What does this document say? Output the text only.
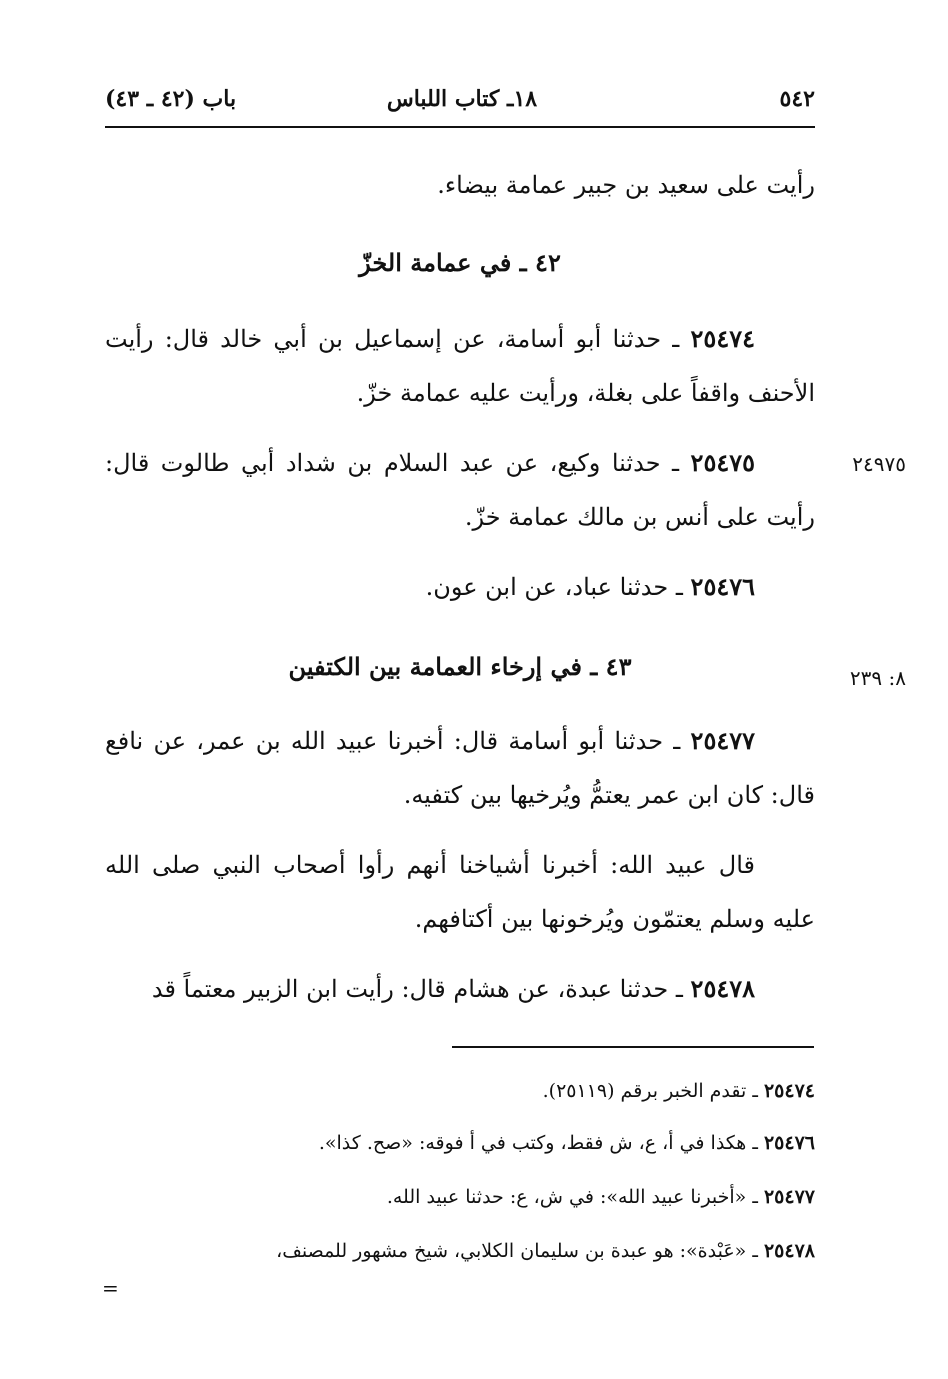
٥٤٢
١٨ـ كتاب اللباس
باب (٤٢ ـ ٤٣)
رأيت على سعيد بن جبير عمامة بيضاء.
٤٢ ـ في عمامة الخزّ
٢٥٤٧٤ ـ حدثنا أبو أسامة، عن إسماعيل بن أبي خالد قال: رأيت الأحنف واقفاً على بغلة، ورأيت عليه عمامة خزّ.
٢٤٩٧٥
٢٥٤٧٥ ـ حدثنا وكيع، عن عبد السلام بن شداد أبي طالوت قال: رأيت على أنس بن مالك عمامة خزّ.
٢٥٤٧٦ ـ حدثنا عباد، عن ابن عون.
٨: ٢٣٩
٤٣ ـ في إرخاء العمامة بين الكتفين
٢٥٤٧٧ ـ حدثنا أبو أسامة قال: أخبرنا عبيد الله بن عمر، عن نافع قال: كان ابن عمر يعتمُّ ويُرخيها بين كتفيه.
قال عبيد الله: أخبرنا أشياخنا أنهم رأوا أصحاب النبي صلى الله عليه وسلم يعتمّون ويُرخونها بين أكتافهم.
٢٥٤٧٨ ـ حدثنا عبدة، عن هشام قال: رأيت ابن الزبير معتماً قد
٢٥٤٧٤ ـ تقدم الخبر برقم (٢٥١١٩).
٢٥٤٧٦ ـ هكذا في أ، ع، ش فقط، وكتب في أ فوقه: «صح. كذا».
٢٥٤٧٧ ـ «أخبرنا عبيد الله»: في ش، ع: حدثنا عبيد الله.
٢٥٤٧٨ ـ «عَبْدة»: هو عبدة بن سليمان الكلابي، شيخ مشهور للمصنف،
=
